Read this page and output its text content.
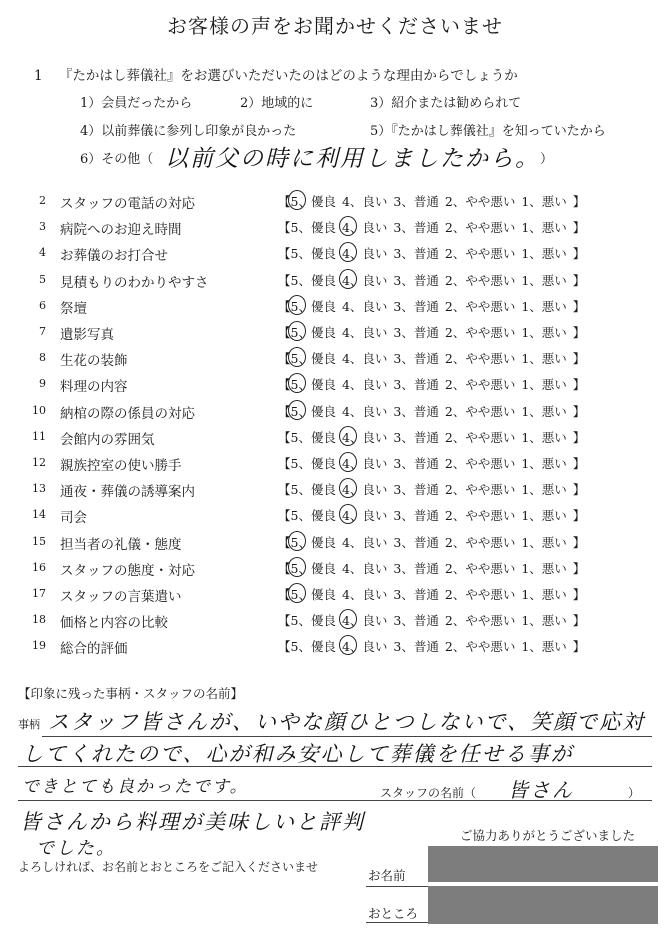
お客様の声をお聞かせくださいませ
1 『たかはし葬儀社』をお選びいただいたのはどのような理由からでしょうか
1）会員だったから	2）地域的に	3）紹介または勧められて
4）以前葬儀に参列し印象が良かった	5）『たかはし葬儀社』を知っていたから
6）その他（ 以前父の時に利用しましたから。 ）
2 スタッフの電話の対応	【5、優良 4、良い 3、普通 2、やや悪い 1、悪い 】
3 病院へのお迎え時間	【5、優良 4、良い 3、普通 2、やや悪い 1、悪い 】
4 お葬儀のお打合せ	【5、優良 4、良い 3、普通 2、やや悪い 1、悪い 】
5 見積もりのわかりやすさ	【5、優良 4、良い 3、普通 2、やや悪い 1、悪い 】
6 祭壇	【5、優良 4、良い 3、普通 2、やや悪い 1、悪い 】
7 遺影写真	【5、優良 4、良い 3、普通 2、やや悪い 1、悪い 】
8 生花の装飾	【5、優良 4、良い 3、普通 2、やや悪い 1、悪い 】
9 料理の内容	【5、優良 4、良い 3、普通 2、やや悪い 1、悪い 】
10 納棺の際の係員の対応	【5、優良 4、良い 3、普通 2、やや悪い 1、悪い 】
11 会館内の雰囲気	【5、優良 4、良い 3、普通 2、やや悪い 1、悪い 】
12 親族控室の使い勝手	【5、優良 4、良い 3、普通 2、やや悪い 1、悪い 】
13 通夜・葬儀の誘導案内	【5、優良 4、良い 3、普通 2、やや悪い 1、悪い 】
14 司会	【5、優良 4、良い 3、普通 2、やや悪い 1、悪い 】
15 担当者の礼儀・態度	【5、優良 4、良い 3、普通 2、やや悪い 1、悪い 】
16 スタッフの態度・対応	【5、優良 4、良い 3、普通 2、やや悪い 1、悪い 】
17 スタッフの言葉遣い	【5、優良 4、良い 3、普通 2、やや悪い 1、悪い 】
18 価格と内容の比較	【5、優良 4、良い 3、普通 2、やや悪い 1、悪い 】
19 総合的評価	【5、優良 4、良い 3、普通 2、やや悪い 1、悪い 】
【印象に残った事柄・スタッフの名前】
事柄 スタッフ皆さんが、いやな顔ひとつしないで、笑顔で応対
してくれたので、心が和み安心して葬儀を任せる事が
できとても良かったです。	スタッフの名前（ 皆さん	）
皆さんから料理が美味しいと評判
でした。
ご協力ありがとうございました
よろしければ、お名前とおところをご記入くださいませ
お名前
おところ
